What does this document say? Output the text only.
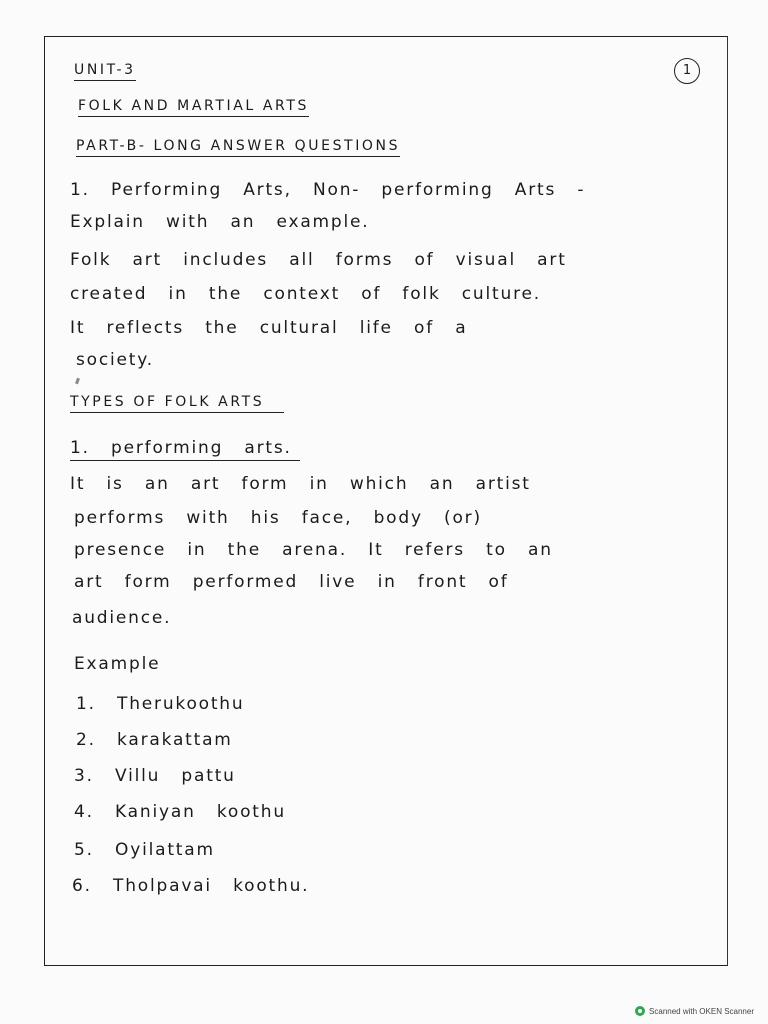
UNIT-3	1
FOLK AND MARTIAL ARTS
PART-B- LONG ANSWER QUESTIONS
1. Performing Arts, Non- performing Arts -
Explain with an example.
Folk art includes all forms of visual art
created in the context of folk culture.
It reflects the cultural life of a
society.
TYPES OF FOLK ARTS
1. performing arts.
It is an art form in which an artist
performs with his face, body (or)
presence in the arena. It refers to an
art form performed live in front of
audience.
Example
1. Therukoothu
2. karakattam
3. Villu pattu
4. Kaniyan koothu
5. Oyilattam
6. Tholpavai koothu.
Scanned with OKEN Scanner
